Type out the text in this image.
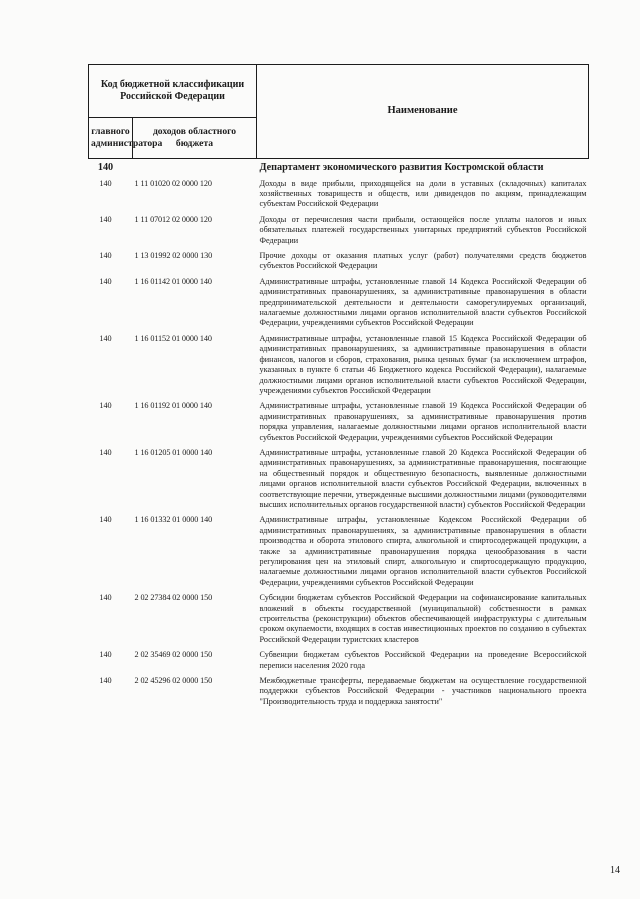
Код бюджетной классификации Российской Федерации		Наименование
главного администратора	доходов областного бюджета	
140		Департамент экономического развития Костромской области
140	1 11 01020 02 0000 120	Доходы в виде прибыли, приходящейся на доли в уставных (складочных) капиталах хозяйственных товариществ и обществ, или дивидендов по акциям, принадлежащим субъектам Российской Федерации
140	1 11 07012 02 0000 120	Доходы от перечисления части прибыли, остающейся после уплаты налогов и иных обязательных платежей государственных унитарных предприятий субъектов Российской Федерации
140	1 13 01992 02 0000 130	Прочие доходы от оказания платных услуг (работ) получателями средств бюджетов субъектов Российской Федерации
140	1 16 01142 01 0000 140	Административные штрафы, установленные главой 14 Кодекса Российской Федерации об административных правонарушениях, за административные правонарушения в области предпринимательской деятельности и деятельности саморегулируемых организаций, налагаемые должностными лицами органов исполнительной власти субъектов Российской Федерации, учреждениями субъектов Российской Федерации
140	1 16 01152 01 0000 140	Административные штрафы, установленные главой 15 Кодекса Российской Федерации об административных правонарушениях, за административные правонарушения в области финансов, налогов и сборов, страхования, рынка ценных бумаг (за исключением штрафов, указанных в пункте 6 статьи 46 Бюджетного кодекса Российской Федерации), налагаемые должностными лицами органов исполнительной власти субъектов Российской Федерации, учреждениями субъектов Российской Федерации
140	1 16 01192 01 0000 140	Административные штрафы, установленные главой 19 Кодекса Российской Федерации об административных правонарушениях, за административные правонарушения против порядка управления, налагаемые должностными лицами органов исполнительной власти субъектов Российской Федерации, учреждениями субъектов Российской Федерации
140	1 16 01205 01 0000 140	Административные штрафы, установленные главой 20 Кодекса Российской Федерации об административных правонарушениях, за административные правонарушения, посягающие на общественный порядок и общественную безопасность, выявленные должностными лицами органов исполнительной власти субъектов Российской Федерации, включенных в соответствующие перечни, утвержденные высшими должностными лицами (руководителями высших исполнительных органов государственной власти) субъектов Российской Федерации
140	1 16 01332 01 0000 140	Административные штрафы, установленные Кодексом Российской Федерации об административных правонарушениях, за административные правонарушения в области производства и оборота этилового спирта, алкогольной и спиртосодержащей продукции, а также за административные правонарушения порядка ценообразования в части регулирования цен на этиловый спирт, алкогольную и спиртосодержащую продукцию, налагаемые должностными лицами органов исполнительной власти субъектов Российской Федерации, учреждениями субъектов Российской Федерации
140	2 02 27384 02 0000 150	Субсидии бюджетам субъектов Российской Федерации на софинансирование капитальных вложений в объекты государственной (муниципальной) собственности в рамках строительства (реконструкции) объектов обеспечивающей инфраструктуры с длительным сроком окупаемости, входящих в состав инвестиционных проектов по созданию в субъектах Российской Федерации туристских кластеров
140	2 02 35469 02 0000 150	Субвенции бюджетам субъектов Российской Федерации на проведение Всероссийской переписи населения 2020 года
140	2 02 45296 02 0000 150	Межбюджетные трансферты, передаваемые бюджетам на осуществление государственной поддержки субъектов Российской Федерации - участников национального проекта "Производительность труда и поддержка занятости"
14
